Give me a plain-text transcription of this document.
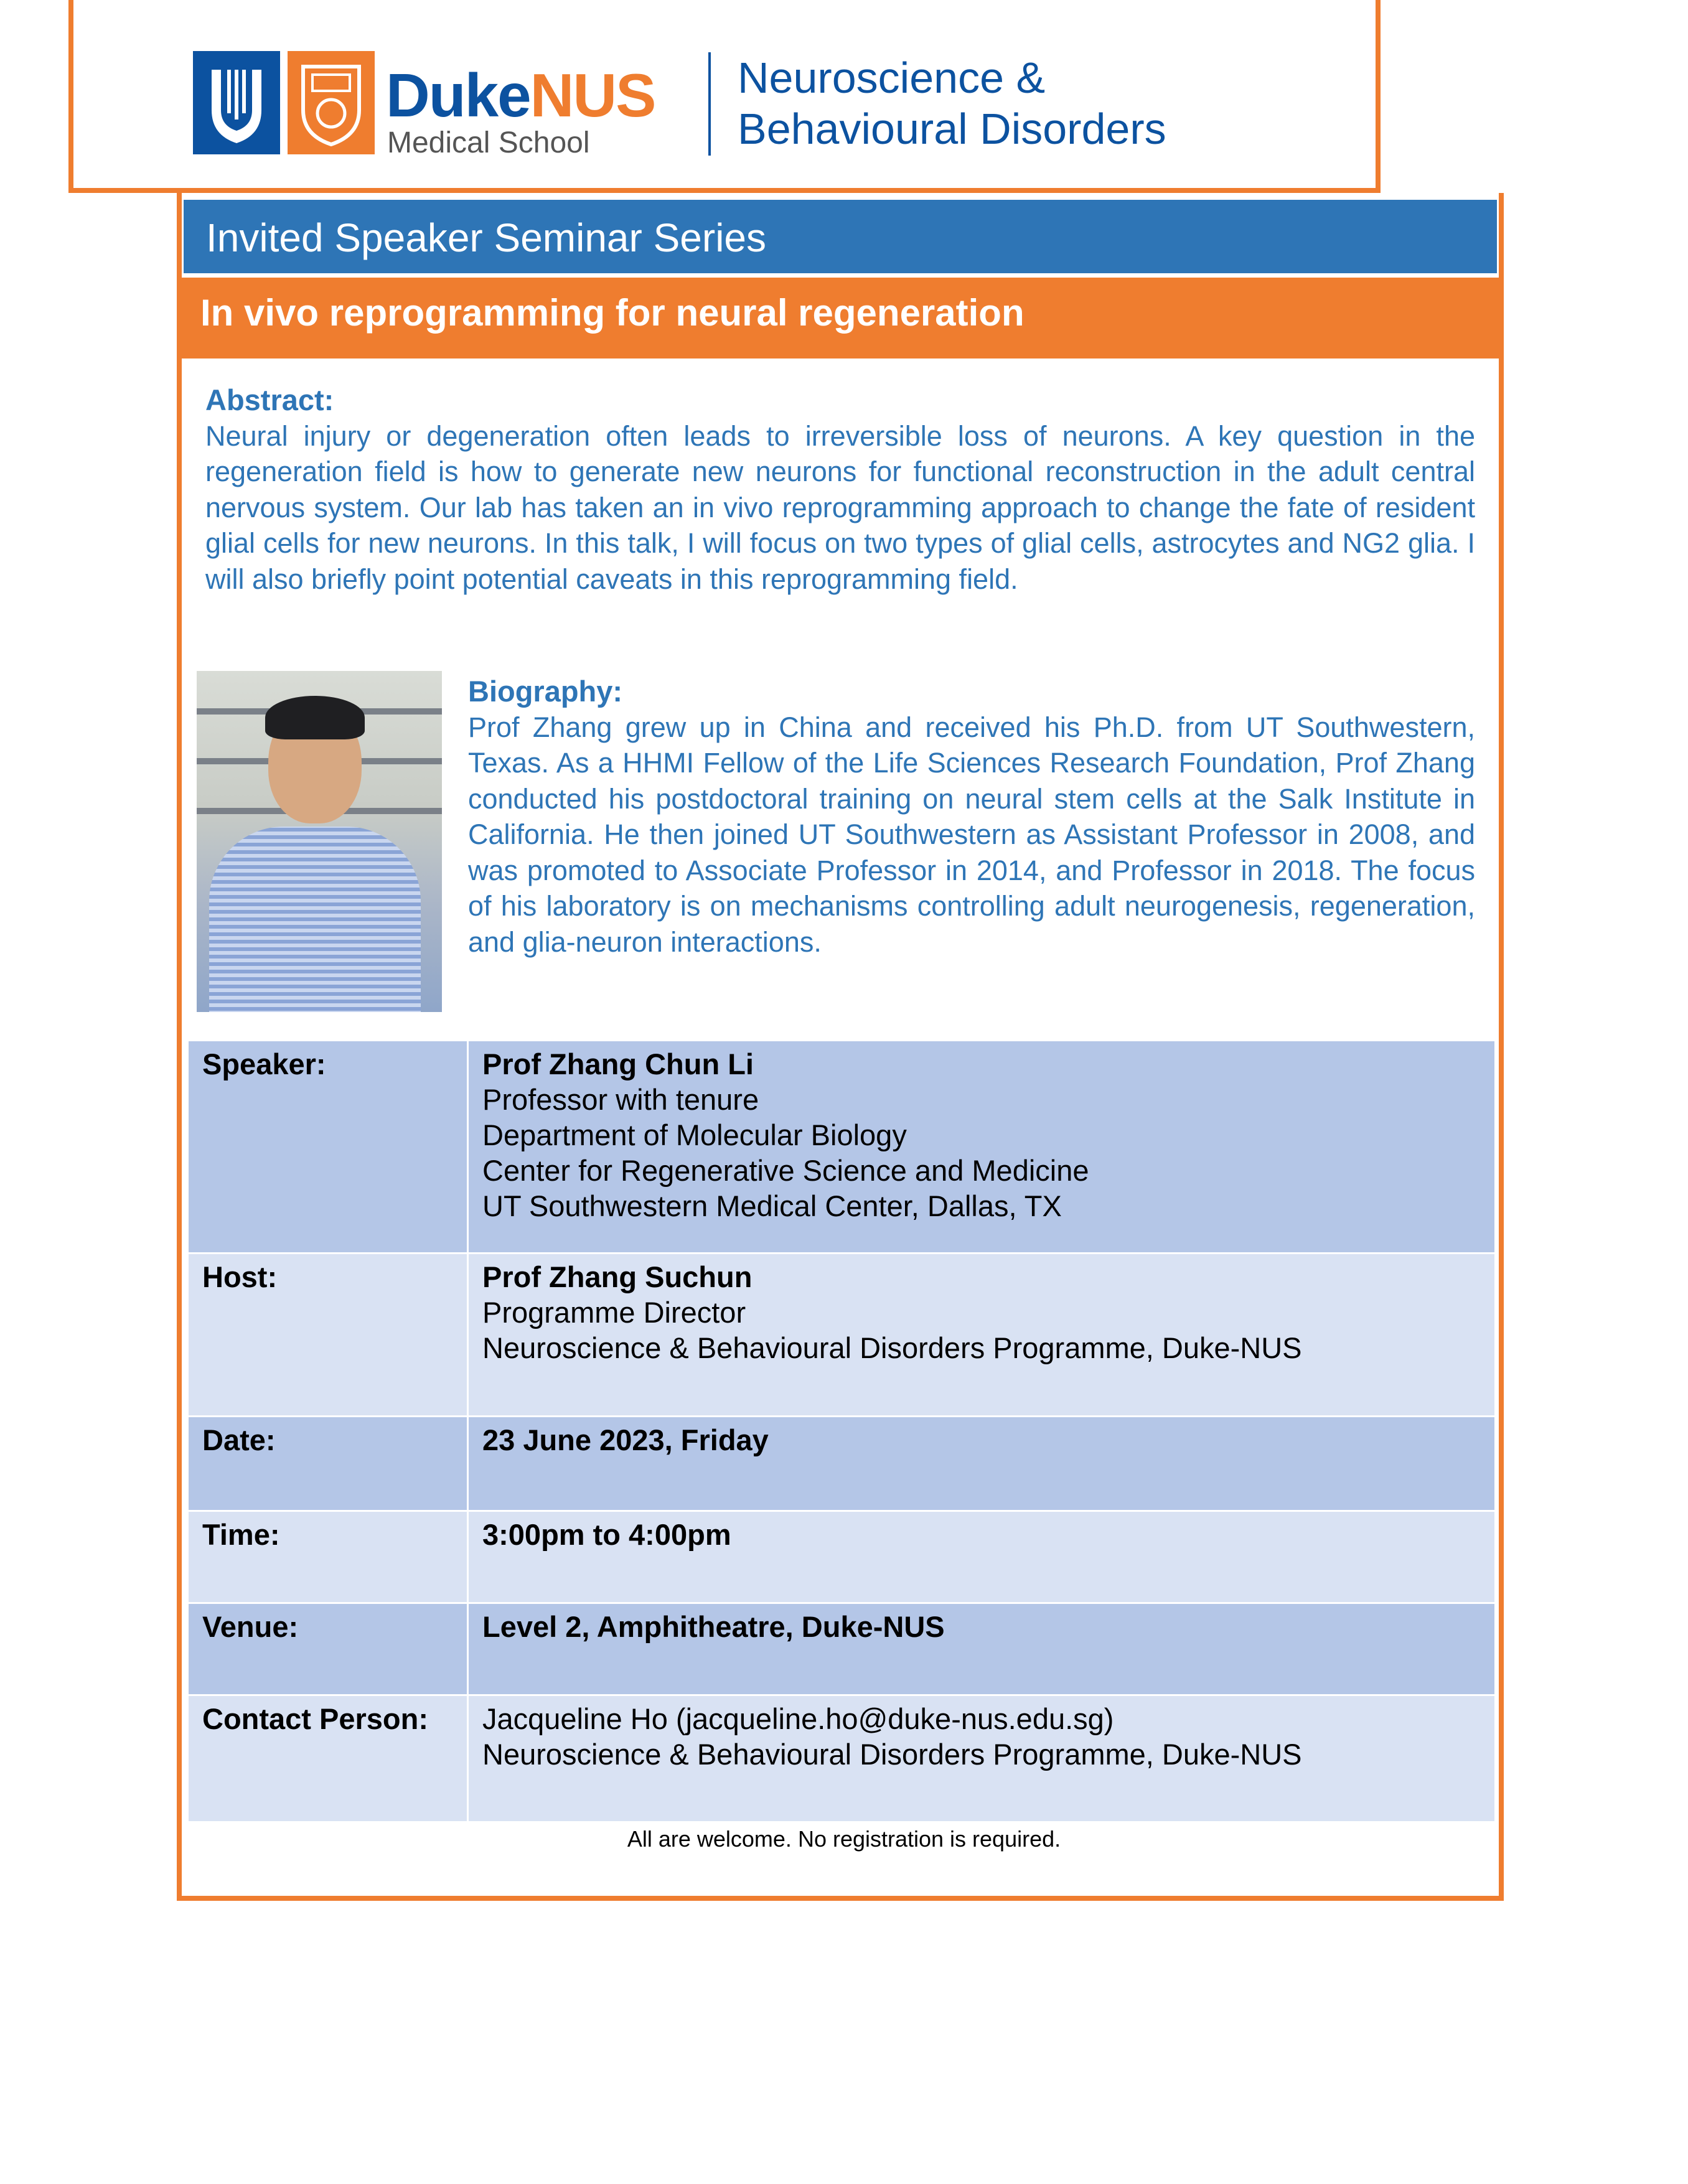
DukeNUS
Medical School
Neuroscience &
Behavioural Disorders
Invited Speaker Seminar Series
In vivo reprogramming for neural regeneration
Abstract:
Neural injury or degeneration often leads to irreversible loss of neurons. A key question in the regeneration field is how to generate new neurons for functional reconstruction in the adult central nervous system. Our lab has taken an in vivo reprogramming approach to change the fate of resident glial cells for new neurons. In this talk, I will focus on two types of glial cells, astrocytes and NG2 glia. I will also briefly point potential caveats in this reprogramming field.
Biography:
Prof Zhang grew up in China and received his Ph.D. from UT Southwestern, Texas. As a HHMI Fellow of the Life Sciences Research Foundation, Prof Zhang conducted his postdoctoral training on neural stem cells at the Salk Institute in California. He then joined UT Southwestern as Assistant Professor in 2008, and was promoted to Associate Professor in 2014, and Professor in 2018. The focus of his laboratory is on mechanisms controlling adult neurogenesis, regeneration, and glia-neuron interactions.
Speaker:	Prof Zhang Chun Li
Professor with tenure
Department of Molecular Biology
Center for Regenerative Science and Medicine
UT Southwestern Medical Center, Dallas, TX

Host:	Prof Zhang Suchun
Programme Director
Neuroscience & Behavioural Disorders Programme, Duke-NUS

Date:	23 June 2023, Friday
Time:	3:00pm to 4:00pm
Venue:	Level 2, Amphitheatre, Duke-NUS
Contact Person:	Jacqueline Ho (jacqueline.ho@duke-nus.edu.sg)
Neuroscience & Behavioural Disorders Programme, Duke-NUS
All are welcome. No registration is required.
